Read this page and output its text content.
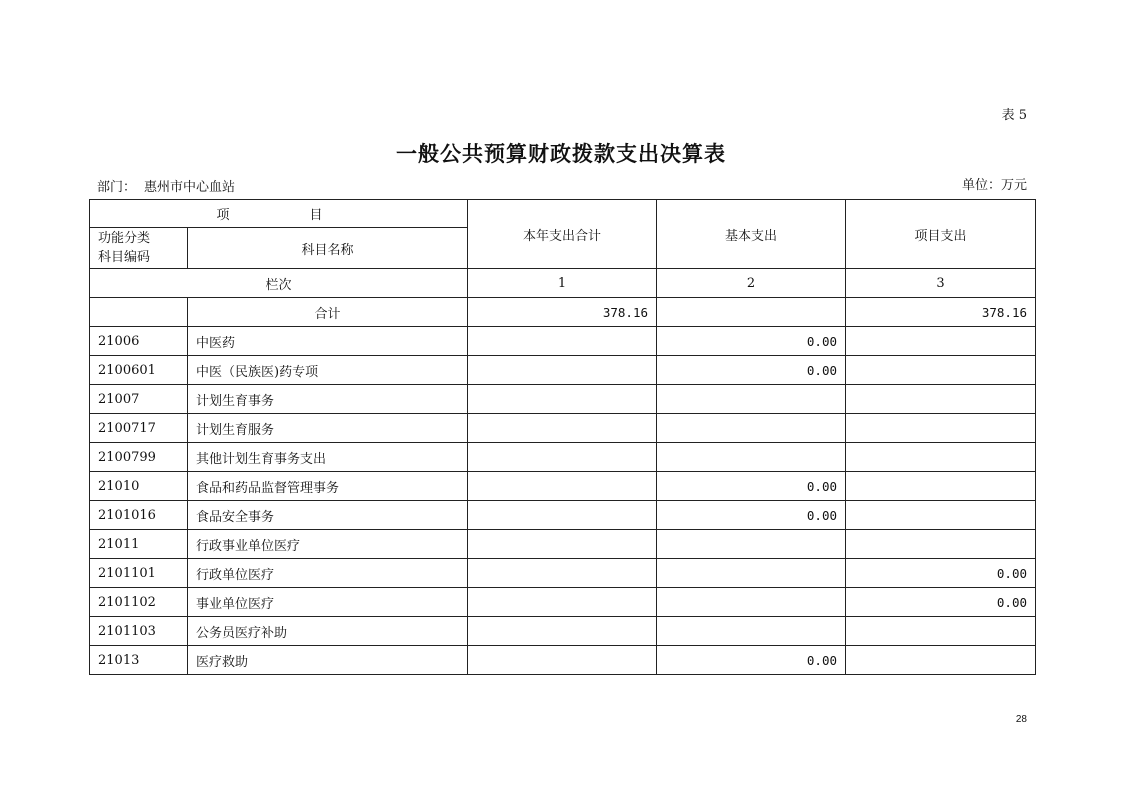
表 5
一般公共预算财政拨款支出决算表
部门： 惠州市中心血站	单位：万元
项　　目		本年支出合计	基本支出	项目支出

功能分类
科目编码	科目名称			
栏次		1	2	3
	合计	378.16		378.16
21006	中医药		0.00	
2100601	中医（民族医)药专项		0.00	
21007	计划生育事务			
2100717	计划生育服务			
2100799	其他计划生育事务支出			
21010	食品和药品监督管理事务		0.00	
2101016	食品安全事务		0.00	
21011	行政事业单位医疗			
2101101	行政单位医疗			0.00
2101102	事业单位医疗			0.00
2101103	公务员医疗补助			
21013	医疗救助		0.00	
28
